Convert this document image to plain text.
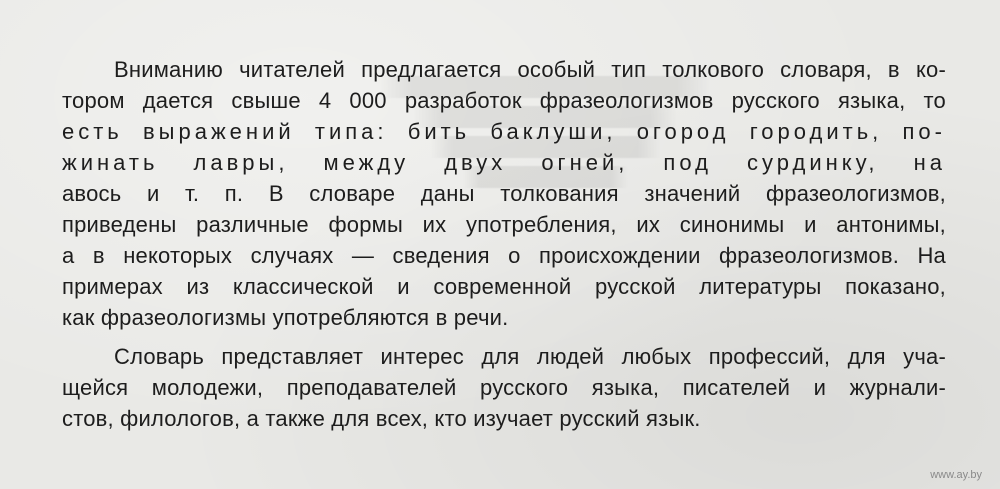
Вниманию читателей предлагается особый тип толкового словаря, в ко-
тором дается свыше 4 000 разработок фразеологизмов русского языка, то
есть выражений типа: бить баклуши, огород городить, по-
жинать лавры, между двух огней, под сурдинку, на
авось и т. п. В словаре даны толкования значений фразеологизмов,
приведены различные формы их употребления, их синонимы и антонимы,
а в некоторых случаях — сведения о происхождении фразеологизмов. На
примерах из классической и современной русской литературы показано,
как фразеологизмы употребляются в речи.
Словарь представляет интерес для людей любых профессий, для уча-
щейся молодежи, преподавателей русского языка, писателей и журнали-
стов, филологов, а также для всех, кто изучает русский язык.
www.ay.by
